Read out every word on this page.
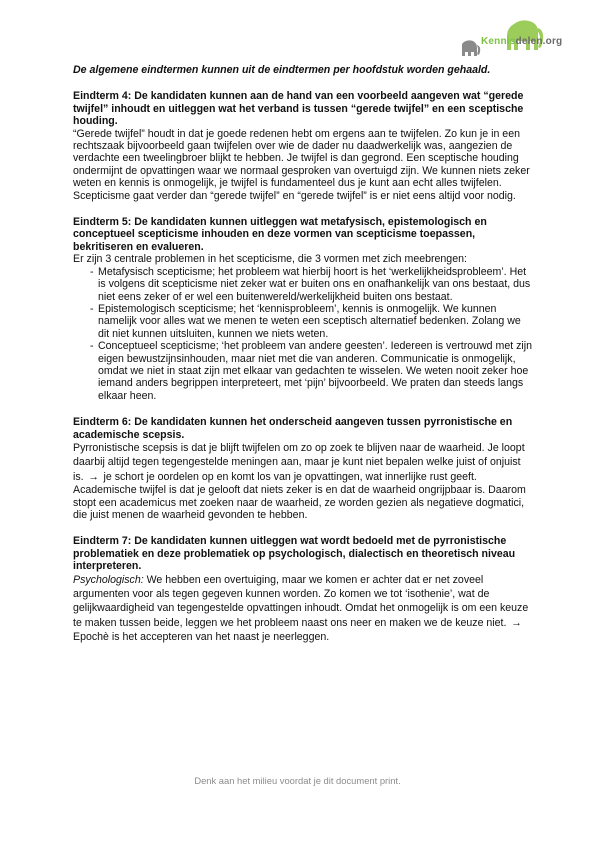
Kennisdelen.org

De algemene eindtermen kunnen uit de eindtermen per hoofdstuk worden gehaald.

Eindterm 4: De kandidaten kunnen aan de hand van een voorbeeld aangeven wat “gerede twijfel” inhoudt en uitleggen wat het verband is tussen “gerede twijfel” en een sceptische houding.

“Gerede twijfel” houdt in dat je goede redenen hebt om ergens aan te twijfelen. Zo kun je in een rechtszaak bijvoorbeeld gaan twijfelen over wie de dader nu daadwerkelijk was, aangezien de verdachte een tweelingbroer blijkt te hebben. Je twijfel is dan gegrond. Een sceptische houding ondermijnt de opvattingen waar we normaal gesproken van overtuigd zijn. We kunnen niets zeker weten en kennis is onmogelijk, je twijfel is fundamenteel dus je kunt aan echt alles twijfelen. Scepticisme gaat verder dan “gerede twijfel” en “gerede twijfel” is er niet eens altijd voor nodig.

Eindterm 5: De kandidaten kunnen uitleggen wat metafysisch, epistemologisch en conceptueel scepticisme inhouden en deze vormen van scepticisme toepassen, bekritiseren en evalueren.

Er zijn 3 centrale problemen in het scepticisme, die 3 vormen met zich meebrengen:

- Metafysisch scepticisme; het probleem wat hierbij hoort is het ‘werkelijkheidsprobleem’. Het is volgens dit scepticisme niet zeker wat er buiten ons en onafhankelijk van ons bestaat, dus niet eens zeker of er wel een buitenwereld/werkelijkheid buiten ons bestaat.
- Epistemologisch scepticisme; het ‘kennisprobleem’, kennis is onmogelijk. We kunnen namelijk voor alles wat we menen te weten een sceptisch alternatief bedenken. Zolang we dit niet kunnen uitsluiten, kunnen we niets weten.
- Conceptueel scepticisme; ‘het probleem van andere geesten’. Iedereen is vertrouwd met zijn eigen bewustzijnsinhouden, maar niet met die van anderen. Communicatie is onmogelijk, omdat we niet in staat zijn met elkaar van gedachten te wisselen. We weten nooit zeker hoe iemand anders begrippen interpreteert, met ‘pijn’ bijvoorbeeld. We praten dan steeds langs elkaar heen.
Eindterm 6: De kandidaten kunnen het onderscheid aangeven tussen pyrronistische en academische scepsis.

Pyrronistische scepsis is dat je blijft twijfelen om zo op zoek te blijven naar de waarheid. Je loopt daarbij altijd tegen tegengestelde meningen aan, maar je kunt niet bepalen welke juist of onjuist is. → je schort je oordelen op en komt los van je opvattingen, wat innerlijke rust geeft.

Academische twijfel is dat je gelooft dat niets zeker is en dat de waarheid ongrijpbaar is. Daarom stopt een academicus met zoeken naar de waarheid, ze worden gezien als negatieve dogmatici, die juist menen de waarheid gevonden te hebben.

Eindterm 7: De kandidaten kunnen uitleggen wat wordt bedoeld met de pyrronistische problematiek en deze problematiek op psychologisch, dialectisch en theoretisch niveau interpreteren.

Psychologisch: We hebben een overtuiging, maar we komen er achter dat er net zoveel argumenten voor als tegen gegeven kunnen worden. Zo komen we tot ‘isothenie’, wat de gelijkwaardigheid van tegengestelde opvattingen inhoudt. Omdat het onmogelijk is om een keuze te maken tussen beide, leggen we het probleem naast ons neer en maken we de keuze niet. → Epochè is het accepteren van het naast je neerleggen.

Denk aan het milieu voordat je dit document print.
